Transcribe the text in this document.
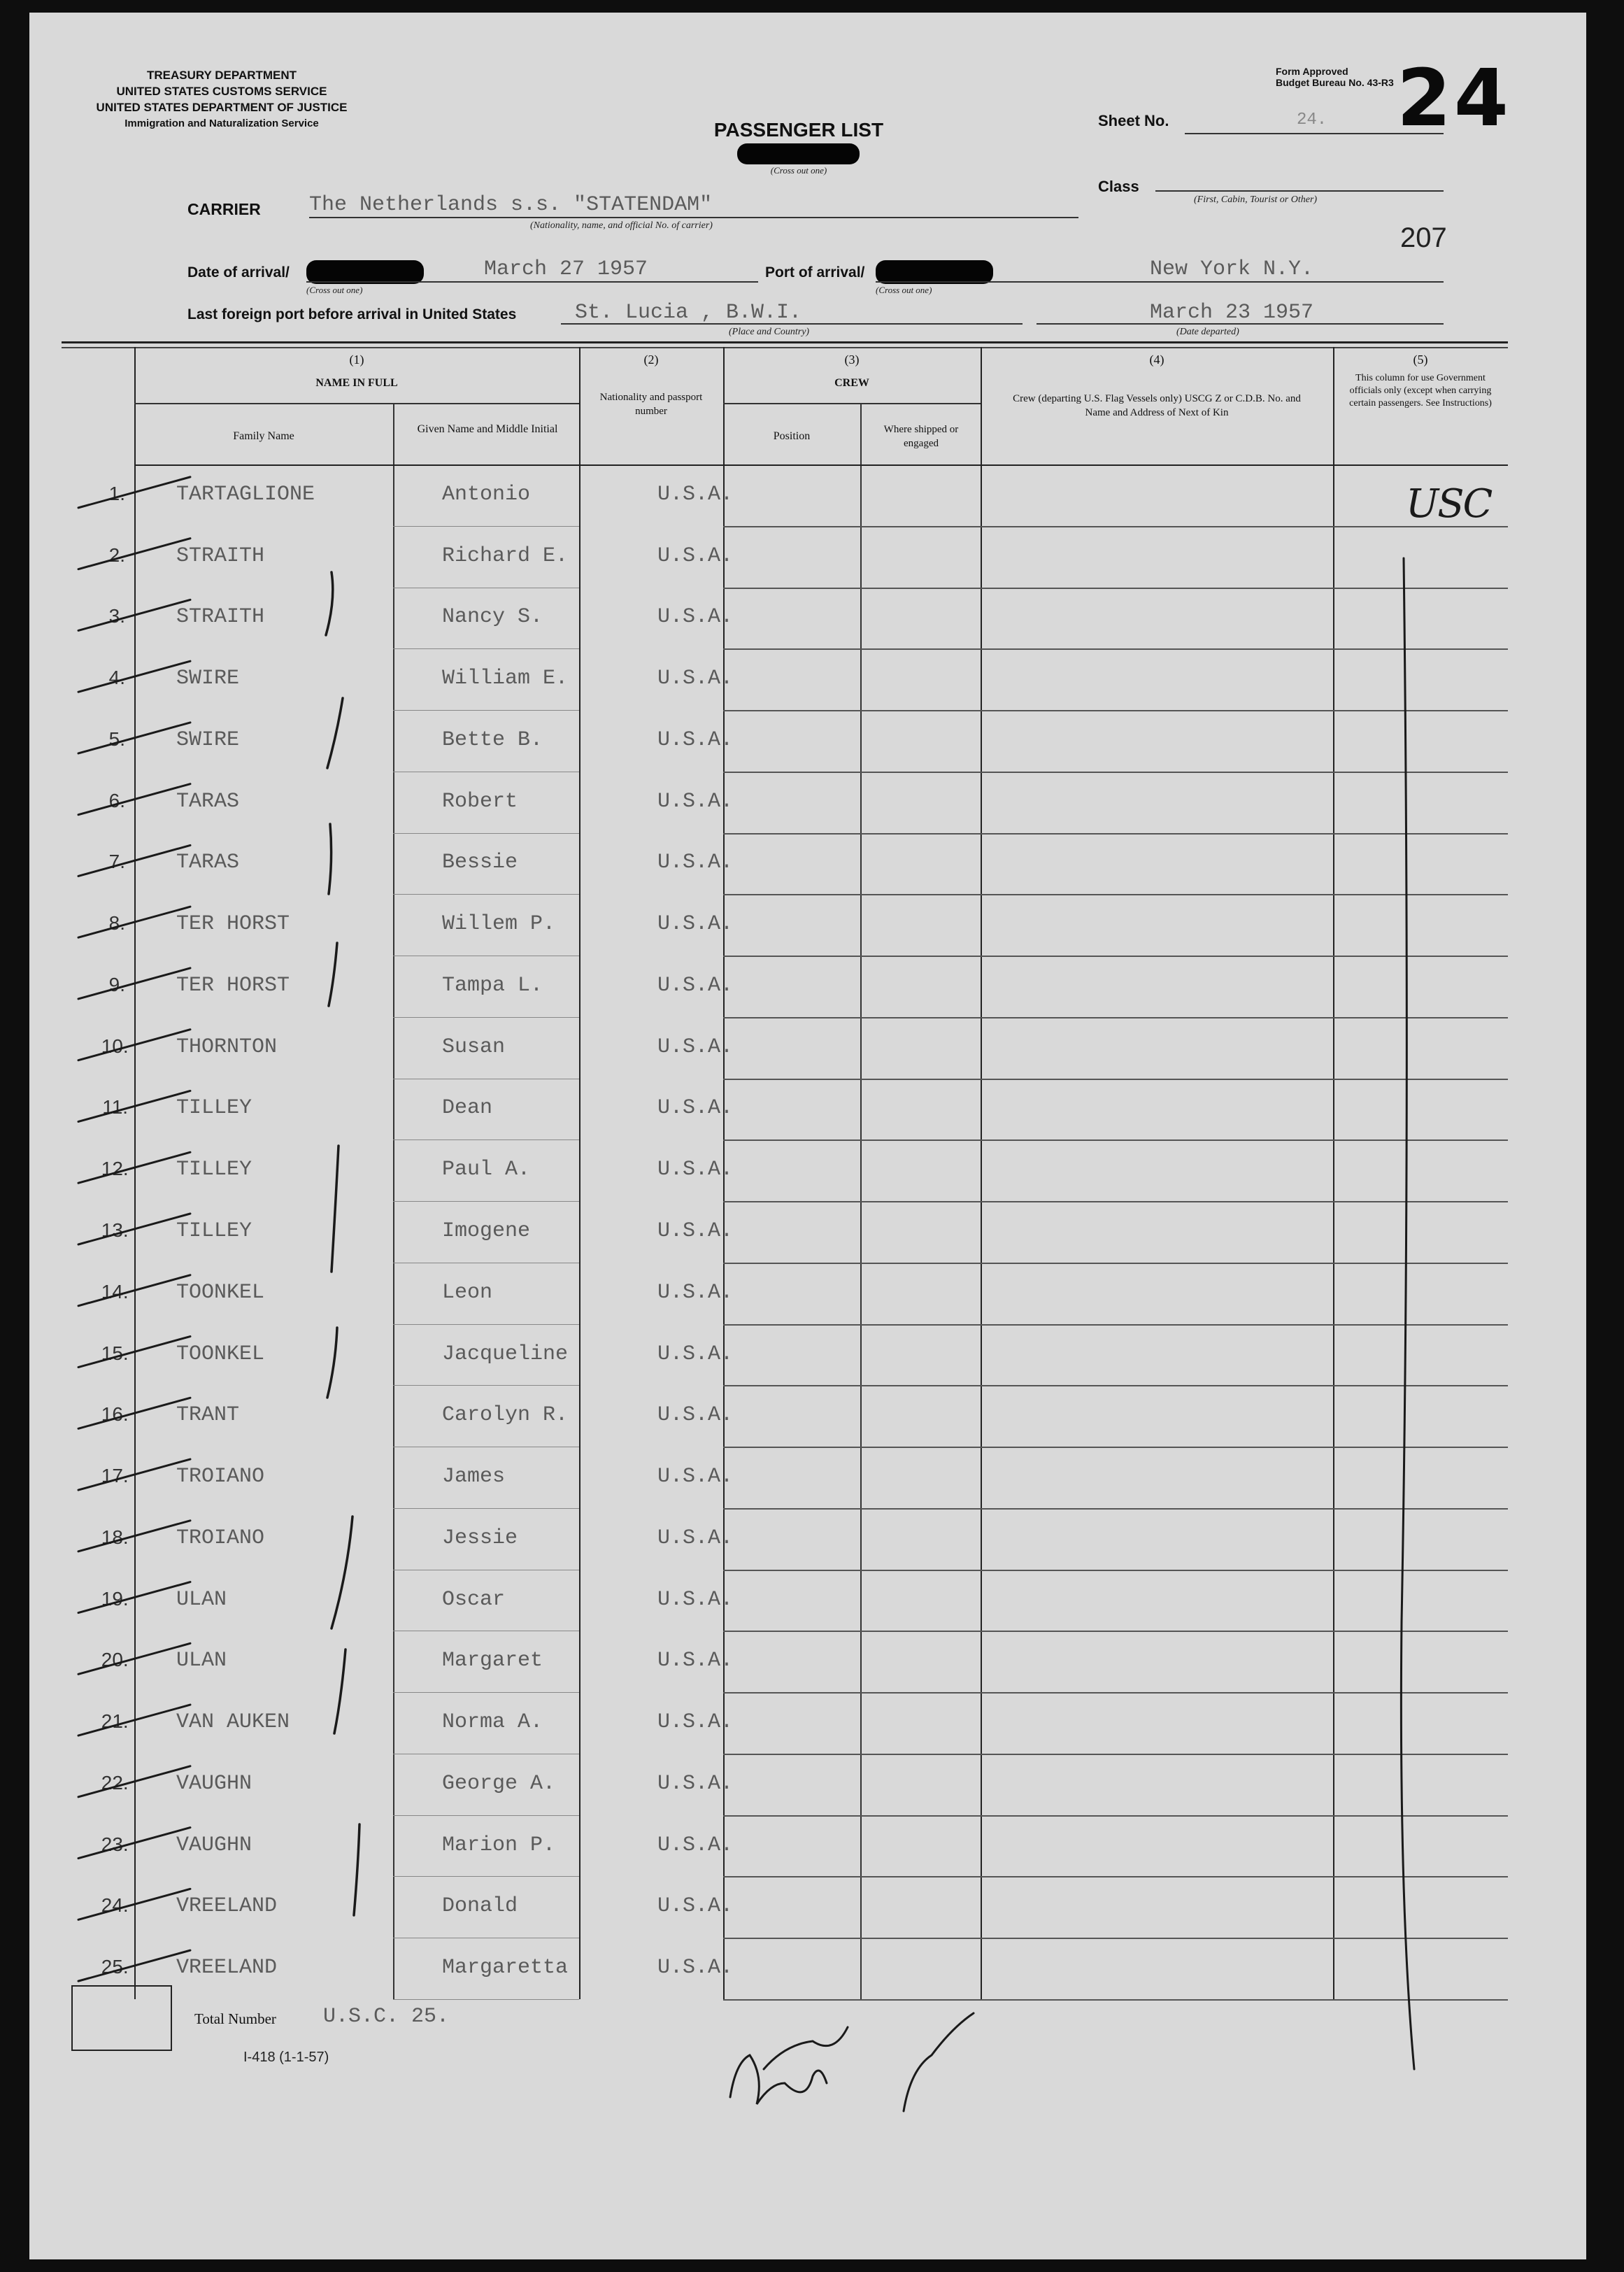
TREASURY DEPARTMENT
UNITED STATES CUSTOMS SERVICE
UNITED STATES DEPARTMENT OF JUSTICE
Immigration and Naturalization Service	PASSENGER LIST
(Cross out one)
Form Approved
Budget Bureau No. 43-R3
Sheet No.	24. 24
Class
(First, Cabin, Tourist or Other)
207
CARRIER The Netherlands s.s. "STATENDAM"
(Nationality, name, and official No. of carrier)
Date of arrival/	March 27 1957
(Cross out one)
Port of arrival/	New York N.Y.
(Cross out one)
Last foreign port before arrival in United States	St. Lucia , B.W.I.
(Place and Country)
March 23 1957
(Date departed)
(1)
NAME IN FULL
Family Name
Given Name and Middle Initial
(2)
Nationality and passport number
(3)
CREW
Position
Where shipped or engaged
(4)
Crew (departing U.S. Flag Vessels only) USCG Z or C.D.B. No. and Name and Address of Next of Kin
(5)
This column for use Government officials only (except when carrying certain passengers. See Instructions)
1. TARTAGLIONE	Antonio	U.S.A.
2. STRAITH	Richard E.	U.S.A.
3. STRAITH	Nancy S.	U.S.A.
4. SWIRE	William E.	U.S.A.
5. SWIRE	Bette B.	U.S.A.
6. TARAS	Robert	U.S.A.
7. TARAS	Bessie	U.S.A.
8. TER HORST	Willem P.	U.S.A.
9. TER HORST	Tampa L.	U.S.A.
10. THORNTON	Susan	U.S.A.
11. TILLEY	Dean	U.S.A.
12. TILLEY	Paul A.	U.S.A.
13. TILLEY	Imogene	U.S.A.
14. TOONKEL	Leon	U.S.A.
15. TOONKEL	Jacqueline	U.S.A.
16. TRANT	Carolyn R.	U.S.A.
17. TROIANO	James	U.S.A.
18. TROIANO	Jessie	U.S.A.
19. ULAN	Oscar	U.S.A.
20. ULAN	Margaret	U.S.A.
21. VAN AUKEN	Norma A.	U.S.A.
22. VAUGHN	George A.	U.S.A.
23. VAUGHN	Marion P.	U.S.A.
24. VREELAND	Donald	U.S.A.
25. VREELAND	Margaretta	U.S.A.
Total Number U.S.C. 25.
I-418 (1-1-57)
USC
